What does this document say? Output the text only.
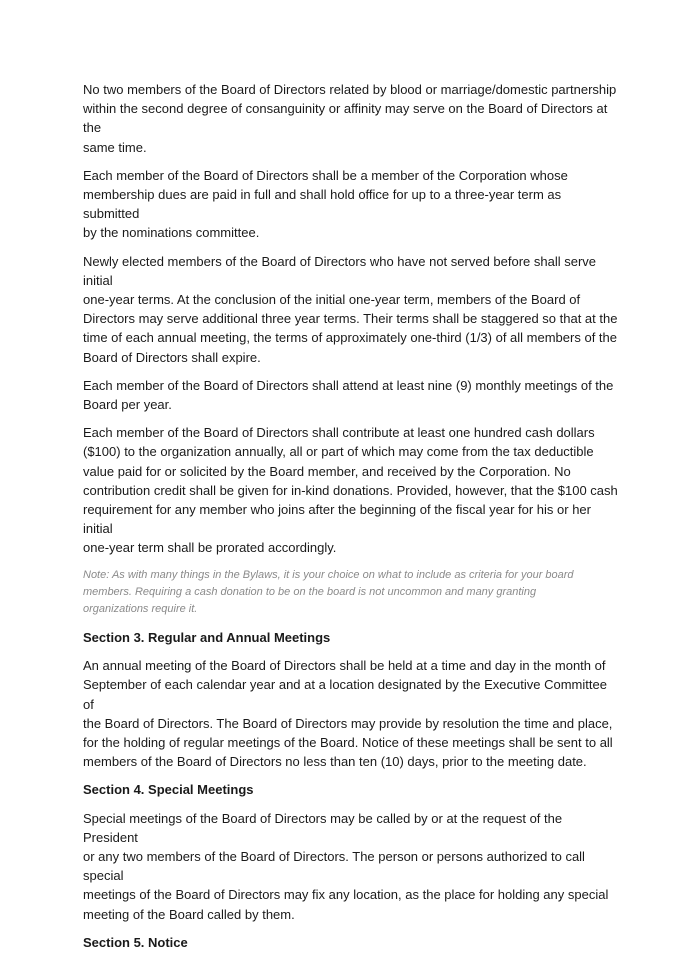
No two members of the Board of Directors related by blood or marriage/domestic partnership
within the second degree of consanguinity or affinity may serve on the Board of Directors at the
same time.

Each member of the Board of Directors shall be a member of the Corporation whose
membership dues are paid in full and shall hold office for up to a three-year term as submitted
by the nominations committee.

Newly elected members of the Board of Directors who have not served before shall serve initial
one-year terms. At the conclusion of the initial one-year term, members of the Board of
Directors may serve additional three year terms. Their terms shall be staggered so that at the
time of each annual meeting, the terms of approximately one-third (1/3) of all members of the
Board of Directors shall expire.

Each member of the Board of Directors shall attend at least nine (9) monthly meetings of the
Board per year.

Each member of the Board of Directors shall contribute at least one hundred cash dollars
($100) to the organization annually, all or part of which may come from the tax deductible
value paid for or solicited by the Board member, and received by the Corporation. No
contribution credit shall be given for in-kind donations. Provided, however, that the $100 cash
requirement for any member who joins after the beginning of the fiscal year for his or her initial
one-year term shall be prorated accordingly.

Note: As with many things in the Bylaws, it is your choice on what to include as criteria for your board
members. Requiring a cash donation to be on the board is not uncommon and many granting
organizations require it.

Section 3. Regular and Annual Meetings

An annual meeting of the Board of Directors shall be held at a time and day in the month of
September of each calendar year and at a location designated by the Executive Committee of
the Board of Directors. The Board of Directors may provide by resolution the time and place,
for the holding of regular meetings of the Board. Notice of these meetings shall be sent to all
members of the Board of Directors no less than ten (10) days, prior to the meeting date.

Section 4. Special Meetings

Special meetings of the Board of Directors may be called by or at the request of the President
or any two members of the Board of Directors. The person or persons authorized to call special
meetings of the Board of Directors may fix any location, as the place for holding any special
meeting of the Board called by them.

Section 5. Notice
